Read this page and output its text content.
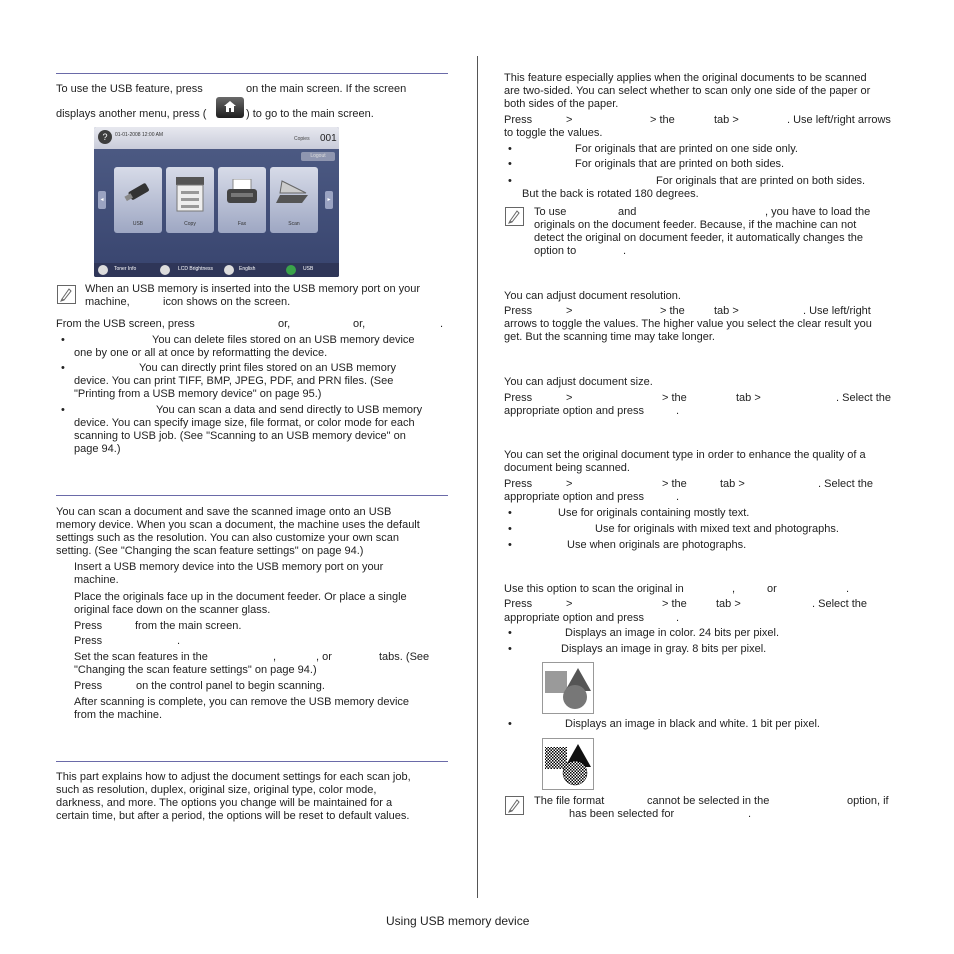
To use the USB feature, press	on the main screen. If the screen
displays another menu, press (	) to go to the main screen.
?	01-01-2008 12:00 AM
Copies 001
Logout
◂
USB	Copy	Fax	Scan
▸
Toner Info	LCD Brightness	English	USB
When an USB memory is inserted into the USB memory port on your
machine,	icon shows on the screen.
From the USB screen, press	or,	or,	.
•	You can delete files stored on an USB memory device
one by one or all at once by reformatting the device.
•	You can directly print files stored on an USB memory
device. You can print TIFF, BMP, JPEG, PDF, and PRN files. (See
"Printing from a USB memory device" on page 95.)
•	You can scan a data and send directly to USB memory
device. You can specify image size, file format, or color mode for each
scanning to USB job. (See "Scanning to an USB memory device" on
page 94.)
You can scan a document and save the scanned image onto an USB
memory device. When you scan a document, the machine uses the default
settings such as the resolution. You can also customize your own scan
setting. (See "Changing the scan feature settings" on page 94.)
Insert a USB memory device into the USB memory port on your
machine.
Place the originals face up in the document feeder. Or place a single
original face down on the scanner glass.
Press	from the main screen.
Press	.
Set the scan features in the	,	, or	tabs. (See
"Changing the scan feature settings" on page 94.)
Press	on the control panel to begin scanning.
After scanning is complete, you can remove the USB memory device
from the machine.
This part explains how to adjust the document settings for each scan job,
such as resolution, duplex, original size, original type, color mode,
darkness, and more. The options you change will be maintained for a
certain time, but after a period, the options will be reset to default values.
This feature especially applies when the original documents to be scanned
are two-sided. You can select whether to scan only one side of the paper or
both sides of the paper.
Press	>	> the	tab >	. Use left/right arrows
to toggle the values.
•	For originals that are printed on one side only.
•	For originals that are printed on both sides.
•	For originals that are printed on both sides.
But the back is rotated 180 degrees.
To use	and	, you have to load the
originals on the document feeder. Because, if the machine can not
detect the original on document feeder, it automatically changes the
option to	.
You can adjust document resolution.
Press	>	> the	tab >	. Use left/right
arrows to toggle the values. The higher value you select the clear result you
get. But the scanning time may take longer.
You can adjust document size.
Press	>	> the	tab >	. Select the
appropriate option and press	.
You can set the original document type in order to enhance the quality of a
document being scanned.
Press	>	> the	tab >	. Select the
appropriate option and press	.
•	Use for originals containing mostly text.
•	Use for originals with mixed text and photographs.
•	Use when originals are photographs.
Use this option to scan the original in	,	or	.
Press	>	> the	tab >	. Select the
appropriate option and press	.
•	Displays an image in color. 24 bits per pixel.
•	Displays an image in gray. 8 bits per pixel.
•	Displays an image in black and white. 1 bit per pixel.
The file format	cannot be selected in the	option, if
has been selected for	.
Using USB memory device
